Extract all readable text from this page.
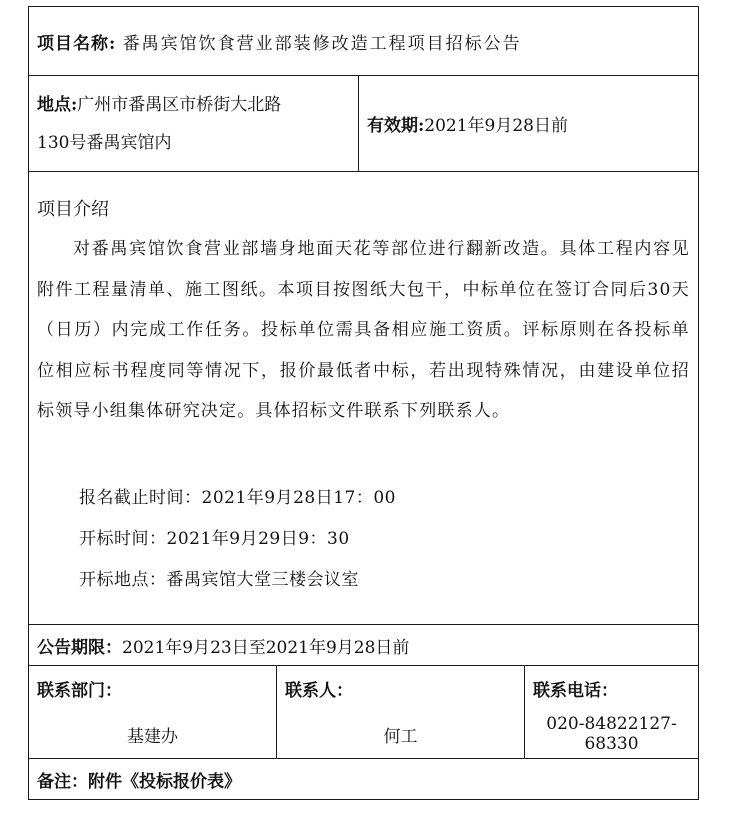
项目名称: 番禺宾馆饮食营业部装修改造工程项目招标公告			
地点:广州市番禺区市桥街大北路
130号番禺宾馆内		有效期:2021年9月28日前	

项目介绍
对番禺宾馆饮食营业部墙身地面天花等部位进行翻新改造。具体工程内容见附件工程量清单、施工图纸。本项目按图纸大包干，中标单位在签订合同后30天（日历）内完成工作任务。投标单位需具备相应施工资质。评标原则在各投标单位相应标书程度同等情况下，报价最低者中标，若出现特殊情况，由建设单位招标领导小组集体研究决定。具体招标文件联系下列联系人。
报名截止时间：2021年9月28日17：00
开标时间：2021年9月29日9：30
开标地点：番禺宾馆大堂三楼会议室			

公告期限：2021年9月23日至2021年9月28日前			
联系部门：	联系人：		联系电话：
基建办	何工		020-84822127-68330
备注：附件《投标报价表》			
